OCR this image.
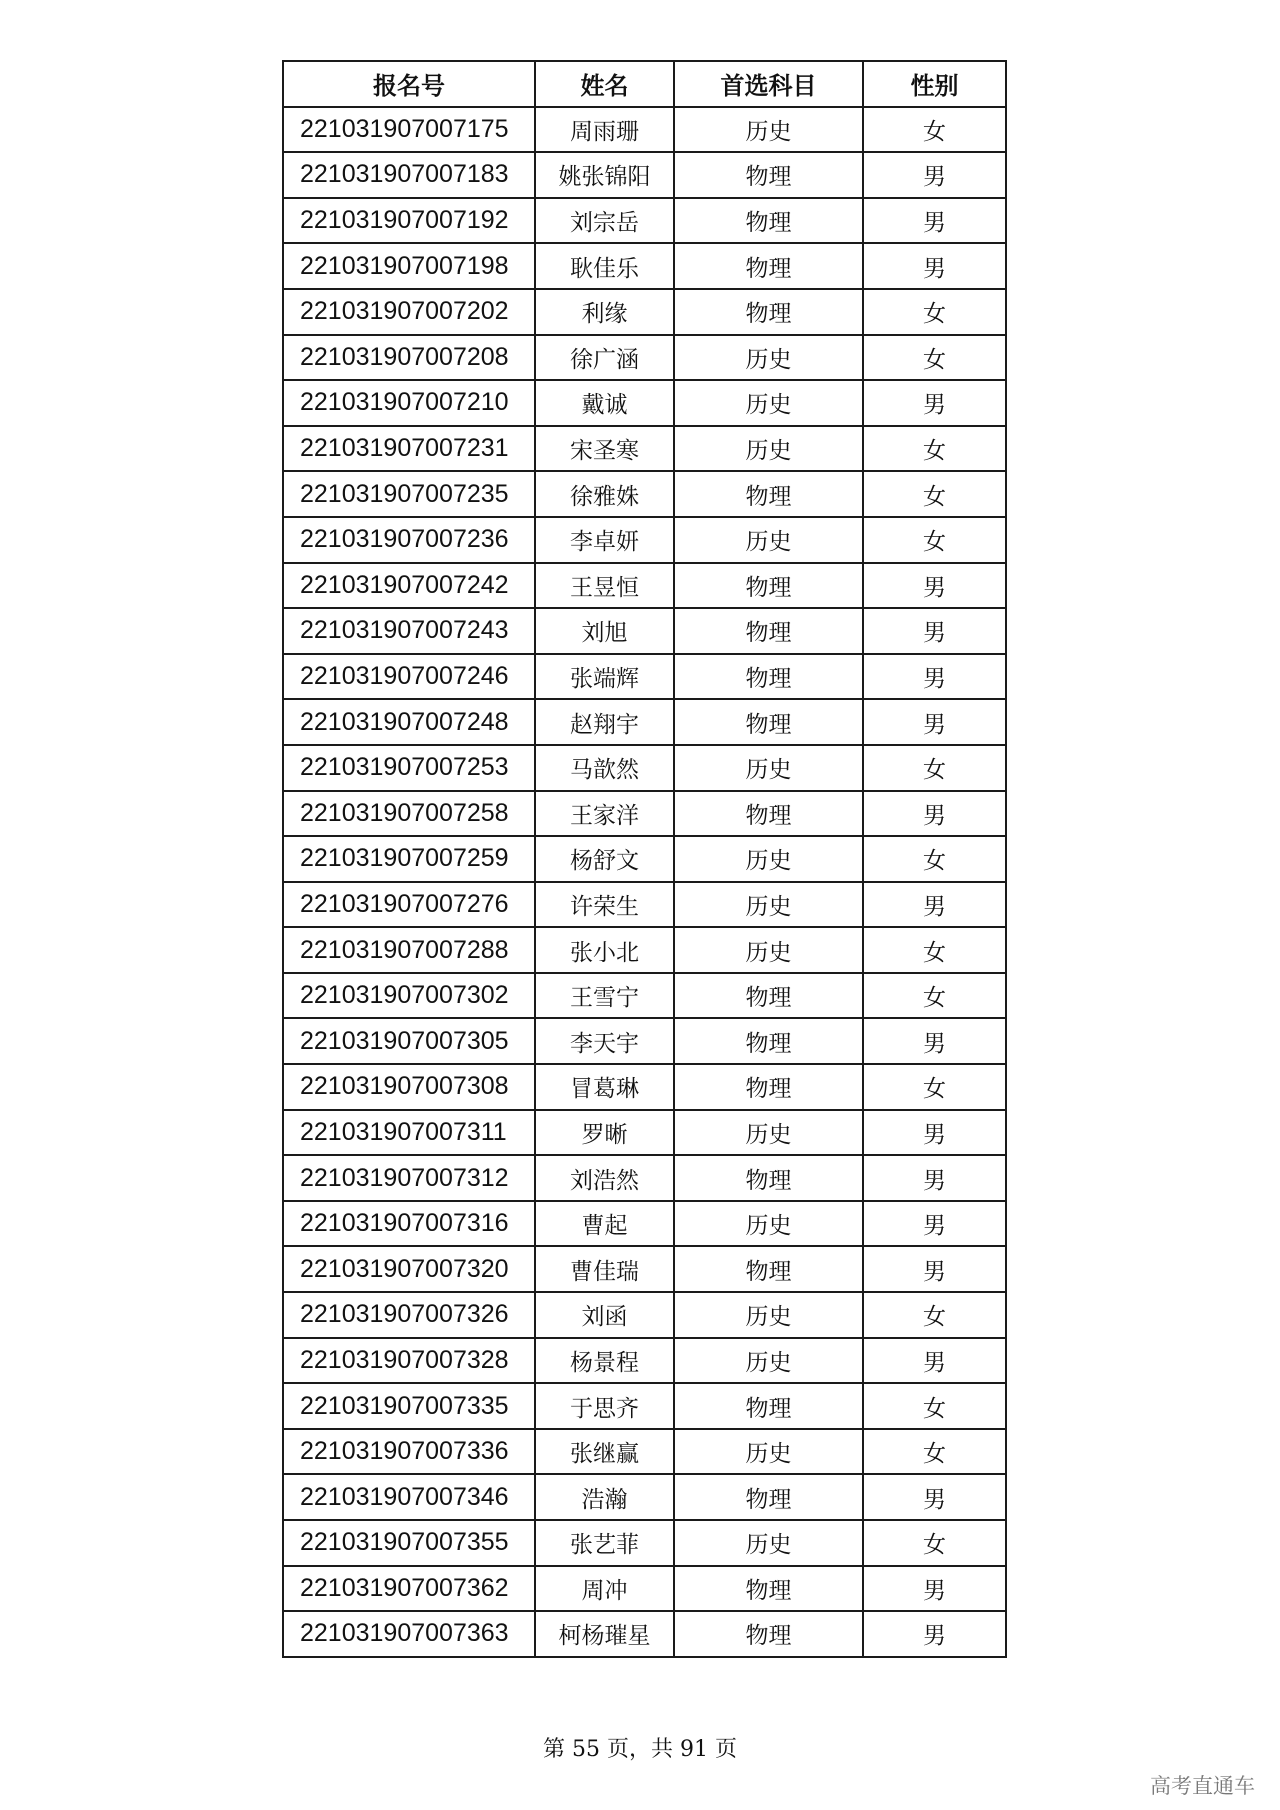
报名号	姓名	首选科目	性别
221031907007175	周雨珊	历史	女
221031907007183	姚张锦阳	物理	男
221031907007192	刘宗岳	物理	男
221031907007198	耿佳乐	物理	男
221031907007202	利缘	物理	女
221031907007208	徐广涵	历史	女
221031907007210	戴诚	历史	男
221031907007231	宋圣寒	历史	女
221031907007235	徐雅姝	物理	女
221031907007236	李卓妍	历史	女
221031907007242	王昱恒	物理	男
221031907007243	刘旭	物理	男
221031907007246	张端辉	物理	男
221031907007248	赵翔宇	物理	男
221031907007253	马歆然	历史	女
221031907007258	王家洋	物理	男
221031907007259	杨舒文	历史	女
221031907007276	许荣生	历史	男
221031907007288	张小北	历史	女
221031907007302	王雪宁	物理	女
221031907007305	李天宇	物理	男
221031907007308	冒葛琳	物理	女
221031907007311	罗晰	历史	男
221031907007312	刘浩然	物理	男
221031907007316	曹起	历史	男
221031907007320	曹佳瑞	物理	男
221031907007326	刘函	历史	女
221031907007328	杨景程	历史	男
221031907007335	于思齐	物理	女
221031907007336	张继赢	历史	女
221031907007346	浩瀚	物理	男
221031907007355	张艺菲	历史	女
221031907007362	周冲	物理	男
221031907007363	柯杨璀星	物理	男
第 55 页，共 91 页
高考直通车
